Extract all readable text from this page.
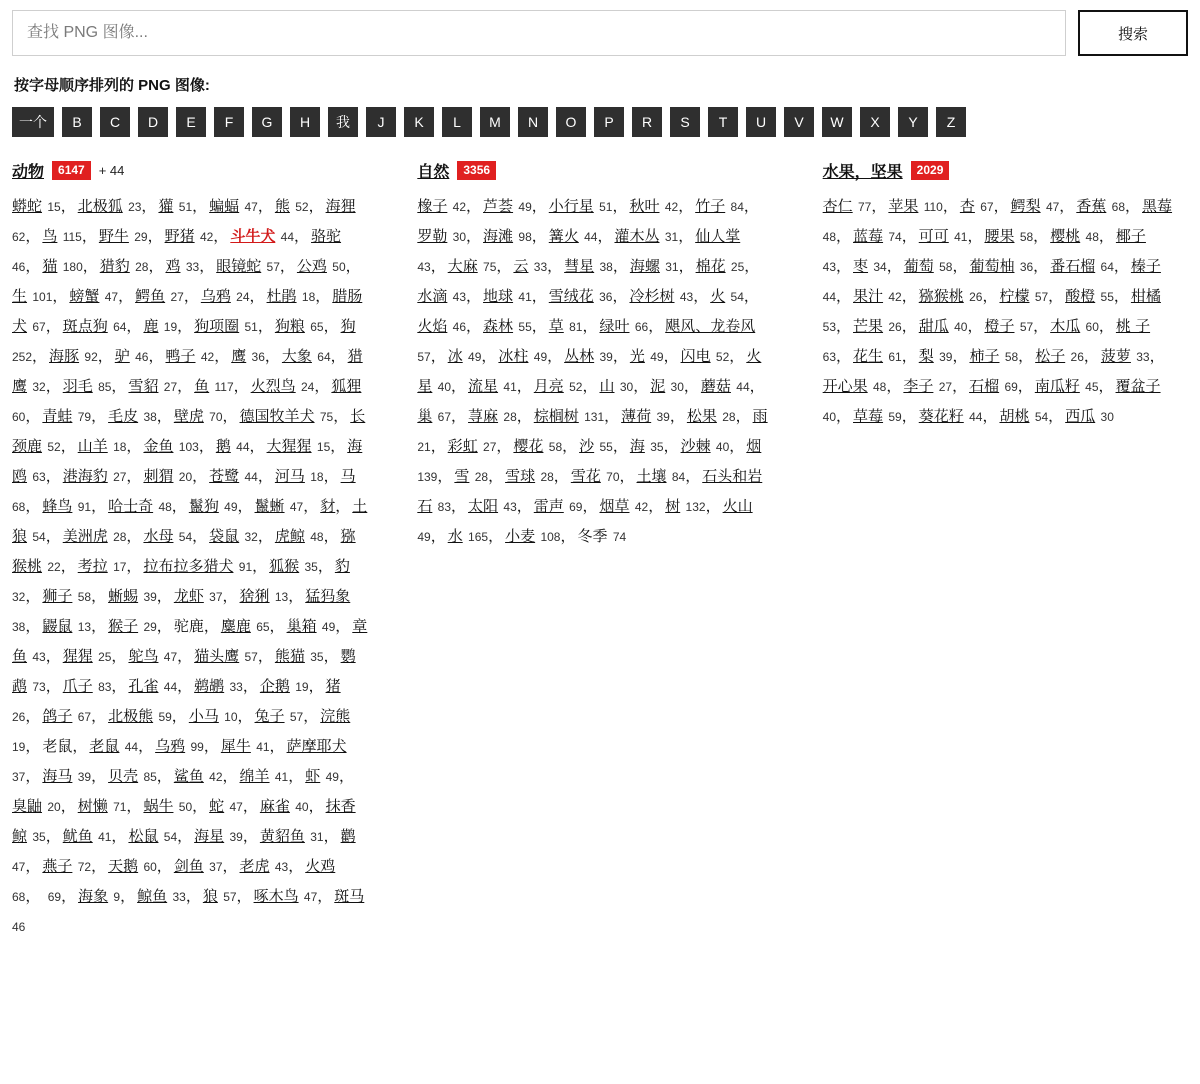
查找 PNG 图像...
搜索
按字母顺序排列的 PNG 图像:
一个	B	C	D	E	F	G	H	我	J	K	L	M	N	O	P	R	S	T	U	V	W	X	Y	Z
动物	6147	+ 44
蟒蛇 15， 北极狐 23， 獾 51， 蝙蝠 47， 熊 52， 海狸 62， 鸟 115， 野牛 29， 野猪 42， 斗牛犬 44， 骆驼 46， 猫 180， 猎豹 28， 鸡 33， 眼镜蛇 57， 公鸡 50，生 101， 螃蟹 47， 鳄鱼 27， 乌鸦 24， 杜鹃 18， 腊肠犬 67， 斑点狗 64， 鹿 19， 狗项圈 51， 狗粮 65， 狗 252， 海豚 92， 驴 46， 鸭子 42， 鹰 36， 大象 64， 猎鹰 32， 羽毛 85， 雪貂 27， 鱼 117， 火烈鸟 24， 狐狸 60， 青蛙 79， 毛皮 38， 壁虎 70， 德国牧羊犬 75， 长颈鹿 52， 山羊 18， 金鱼 103， 鹅 44， 大猩猩 15， 海鸥 63， 港海豹 27， 刺猬 20， 苍鹭 44， 河马 18， 马 68， 蜂鸟 91， 哈士奇 48， 鬣狗 49， 鬣蜥 47， 豺， 土狼 54， 美洲虎 28， 水母 54， 袋鼠 32， 虎鲸 48， 猕猴桃 22， 考拉 17， 拉布拉多猎犬 91， 狐猴 35， 豹 32， 狮子 58， 蜥蜴 39， 龙虾 37， 猞猁 13， 猛犸象 38， 鼹鼠 13， 猴子 29， 驼鹿， 麋鹿 65， 巢箱 49， 章鱼 43， 猩猩 25， 鸵鸟 47， 猫头鹰 57， 熊猫 35， 鹦鹉 73， 爪子 83， 孔雀 44， 鹈鹕 33， 企鹅 19， 猪 26， 鸽子 67， 北极熊 59， 小马 10， 兔子 57， 浣熊 19， 老鼠， 老鼠 44， 乌鸦 99， 犀牛 41， 萨摩耶犬 37， 海马 39， 贝壳 85， 鲨鱼 42， 绵羊 41， 虾 49，臭鼬 20， 树懒 71， 蜗牛 50， 蛇 47， 麻雀 40， 抹香鲸 35， 鱿鱼 41， 松鼠 54， 海星 39， 黄貂鱼 31， 鹳 47， 燕子 72， 天鹅 60， 剑鱼 37， 老虎 43， 火鸡 68， 69， 海象 9， 鲸鱼 33， 狼 57， 啄木鸟 47， 斑马 46
自然	3356
橡子 42， 芦荟 49， 小行星 51， 秋叶 42， 竹子 84，罗勒 30， 海滩 98， 篝火 44， 灌木丛 31， 仙人掌 43， 大麻 75， 云 33， 彗星 38， 海螺 31， 棉花 25，水滴 43， 地球 41， 雪绒花 36， 冷杉树 43， 火 54，火焰 46， 森林 55， 草 81， 绿叶 66， 飓风、龙卷风 57， 冰 49， 冰柱 49， 丛林 39， 光 49， 闪电 52， 火星 40， 流星 41， 月亮 52， 山 30， 泥 30， 蘑菇 44，巢 67， 荨麻 28， 棕榈树 131， 薄荷 39， 松果 28， 雨 21， 彩虹 27， 樱花 58， 沙 55， 海 35， 沙棘 40， 烟 139， 雪 28， 雪球 28， 雪花 70， 土壤 84， 石头和岩石 83， 太阳 43， 雷声 69， 烟草 42， 树 132， 火山 49， 水 165， 小麦 108， 冬季 74
水果，坚果	2029
杏仁 77， 苹果 110， 杏 67， 鳄梨 47， 香蕉 68， 黑莓 48， 蓝莓 74， 可可 41， 腰果 58， 樱桃 48， 椰子 43， 枣 34， 葡萄 58， 葡萄柚 36， 番石榴 64， 榛子 44， 果汁 42， 猕猴桃 26， 柠檬 57， 酸橙 55， 柑橘 53， 芒果 26， 甜瓜 40， 橙子 57， 木瓜 60， 桃 子 63， 花生 61， 梨 39， 柿子 58， 松子 26， 菠萝 33，开心果 48， 李子 27， 石榴 69， 南瓜籽 45， 覆盆子 40， 草莓 59， 葵花籽 44， 胡桃 54， 西瓜 30
